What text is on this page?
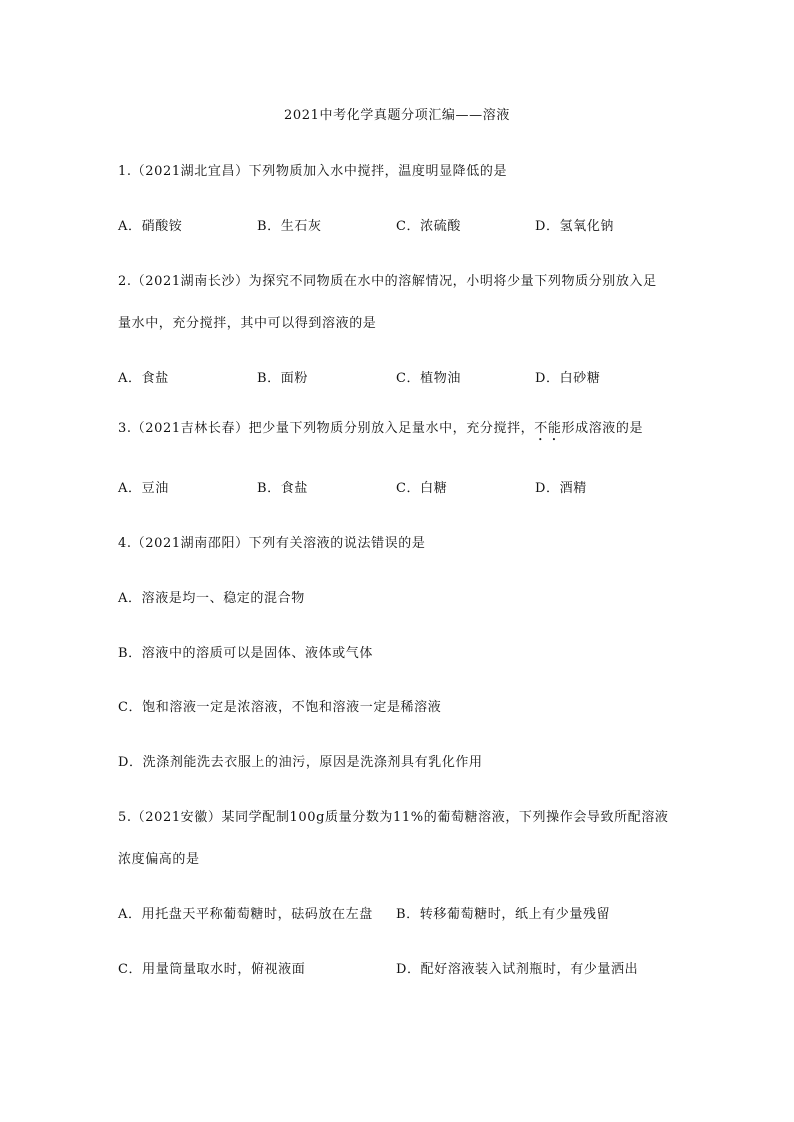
2021中考化学真题分项汇编——溶液
1.（2021湖北宜昌）下列物质加入水中搅拌，温度明显降低的是
A．硝酸铵	B．生石灰	C．浓硫酸	D．氢氧化钠
2.（2021湖南长沙）为探究不同物质在水中的溶解情况，小明将少量下列物质分别放入足
量水中，充分搅拌，其中可以得到溶液的是
A．食盐	B．面粉	C．植物油	D．白砂糖
3.（2021吉林长春）把少量下列物质分别放入足量水中，充分搅拌，不能形成溶液的是
A．豆油	B．食盐	C．白糖	D．酒精
4.（2021湖南邵阳）下列有关溶液的说法错误的是
A．溶液是均一、稳定的混合物
B．溶液中的溶质可以是固体、液体或气体
C．饱和溶液一定是浓溶液，不饱和溶液一定是稀溶液
D．洗涤剂能洗去衣服上的油污，原因是洗涤剂具有乳化作用
5.（2021安徽）某同学配制100g质量分数为11%的葡萄糖溶液，下列操作会导致所配溶液
浓度偏高的是
A．用托盘天平称葡萄糖时，砝码放在左盘 B．转移葡萄糖时，纸上有少量残留
C．用量筒量取水时，俯视液面	D．配好溶液装入试剂瓶时，有少量洒出
